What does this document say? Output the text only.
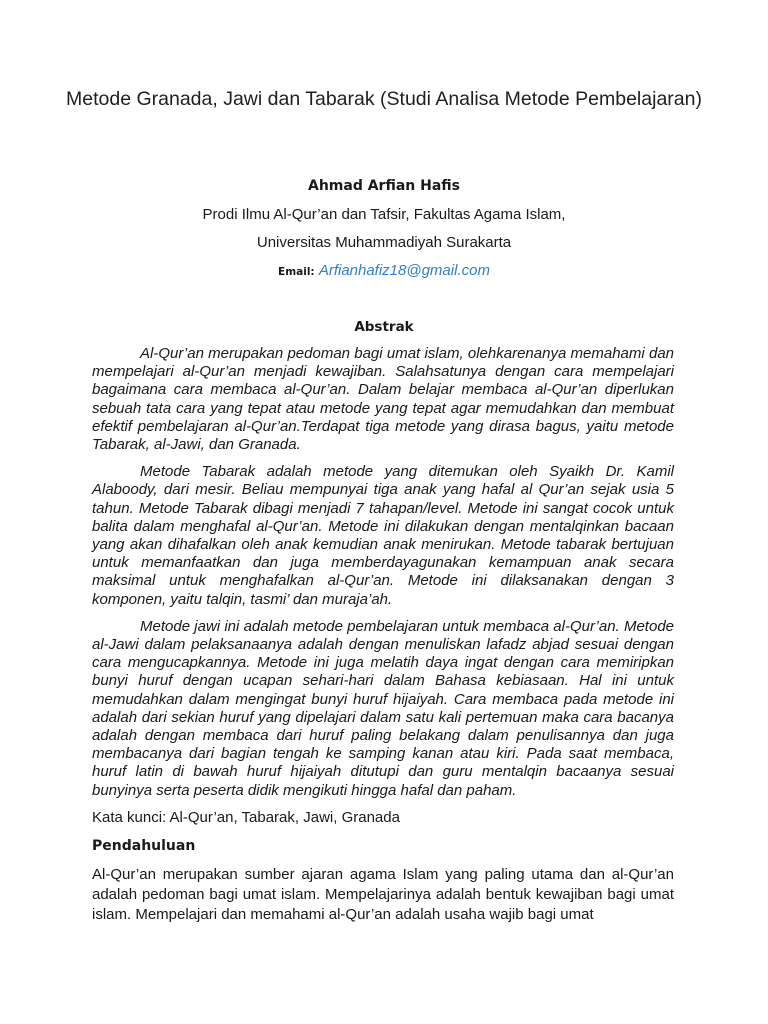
Metode Granada, Jawi dan Tabarak (Studi Analisa Metode Pembelajaran)
Ahmad Arfian Hafis
Prodi Ilmu Al-Qur’an dan Tafsir, Fakultas Agama Islam,
Universitas Muhammadiyah Surakarta
Email: Arfianhafiz18@gmail.com
Abstrak

Al-Qur’an merupakan pedoman bagi umat islam, olehkarenanya memahami dan mempelajari al-Qur’an menjadi kewajiban. Salahsatunya dengan cara mempelajari bagaimana cara membaca al-Qur’an. Dalam belajar membaca al-Qur’an diperlukan sebuah tata cara yang tepat atau metode yang tepat agar memudahkan dan membuat efektif pembelajaran al-Qur’an.Terdapat tiga metode yang dirasa bagus, yaitu metode Tabarak, al-Jawi, dan Granada.

Metode Tabarak adalah metode yang ditemukan oleh Syaikh Dr. Kamil Alaboody, dari mesir. Beliau mempunyai tiga anak yang hafal al Qur’an sejak usia 5 tahun. Metode Tabarak dibagi menjadi 7 tahapan/level. Metode ini sangat cocok untuk balita dalam menghafal al-Qur’an. Metode ini dilakukan dengan mentalqinkan bacaan yang akan dihafalkan oleh anak kemudian anak menirukan. Metode tabarak bertujuan untuk memanfaatkan dan juga memberdayagunakan kemampuan anak secara maksimal untuk menghafalkan al-Qur’an. Metode ini dilaksanakan dengan 3 komponen, yaitu talqin, tasmi’ dan muraja’ah.

Metode jawi ini adalah metode pembelajaran untuk membaca al-Qur’an. Metode al-Jawi dalam pelaksanaanya adalah dengan menuliskan lafadz abjad sesuai dengan cara mengucapkannya. Metode ini juga melatih daya ingat dengan cara memiripkan bunyi huruf dengan ucapan sehari-hari dalam Bahasa kebiasaan. Hal ini untuk memudahkan dalam mengingat bunyi huruf hijaiyah. Cara membaca pada metode ini adalah dari sekian huruf yang dipelajari dalam satu kali pertemuan maka cara bacanya adalah dengan membaca dari huruf paling belakang dalam penulisannya dan juga membacanya dari bagian tengah ke samping kanan atau kiri. Pada saat membaca, huruf latin di bawah huruf hijaiyah ditutupi dan guru mentalqin bacaanya sesuai bunyinya serta peserta didik mengikuti hingga hafal dan paham.

Kata kunci: Al-Qur’an, Tabarak, Jawi, Granada
Pendahuluan

Al-Qur’an merupakan sumber ajaran agama Islam yang paling utama dan al-Qur’an adalah pedoman bagi umat islam. Mempelajarinya adalah bentuk kewajiban bagi umat islam. Mempelajari dan memahami al-Qur’an adalah usaha wajib bagi umat
